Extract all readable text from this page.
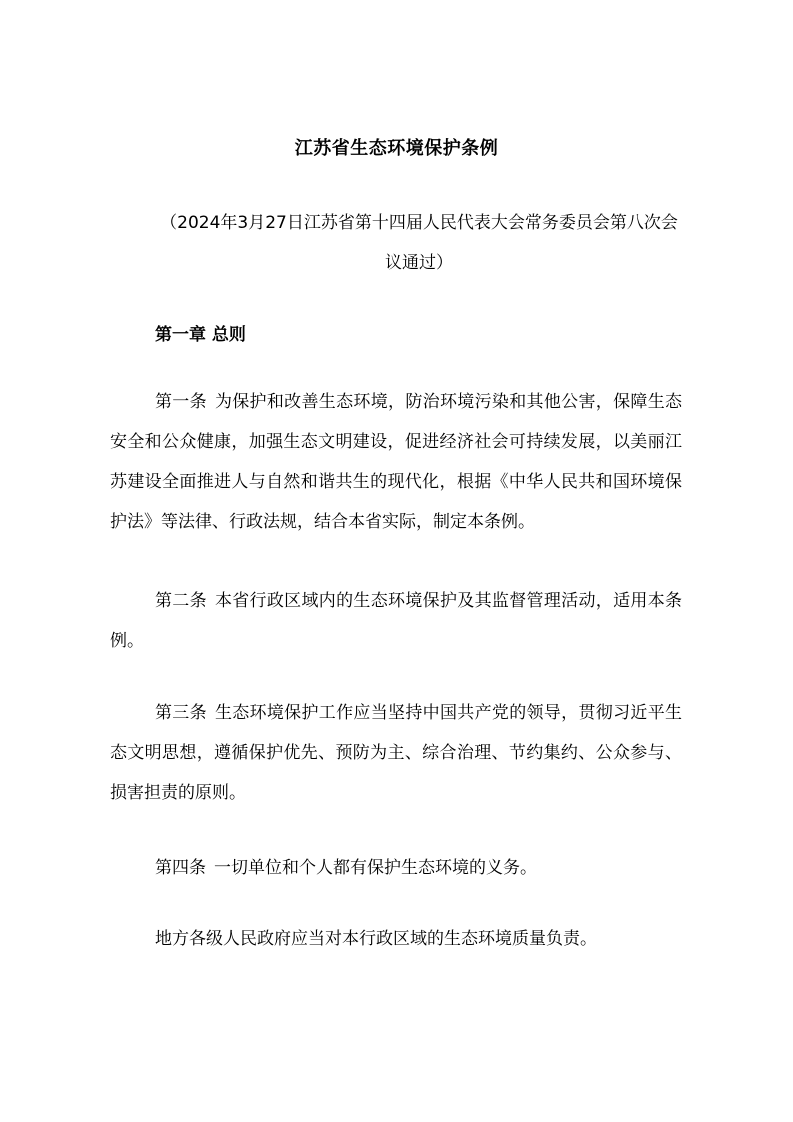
江苏省生态环境保护条例
（2024年3月27日江苏省第十四届人民代表大会常务委员会第八次会议通过）
第一章 总则
第一条 为保护和改善生态环境，防治环境污染和其他公害，保障生态安全和公众健康，加强生态文明建设，促进经济社会可持续发展，以美丽江苏建设全面推进人与自然和谐共生的现代化，根据《中华人民共和国环境保护法》等法律、行政法规，结合本省实际，制定本条例。
第二条 本省行政区域内的生态环境保护及其监督管理活动，适用本条例。
第三条 生态环境保护工作应当坚持中国共产党的领导，贯彻习近平生态文明思想，遵循保护优先、预防为主、综合治理、节约集约、公众参与、损害担责的原则。
第四条 一切单位和个人都有保护生态环境的义务。
地方各级人民政府应当对本行政区域的生态环境质量负责。
